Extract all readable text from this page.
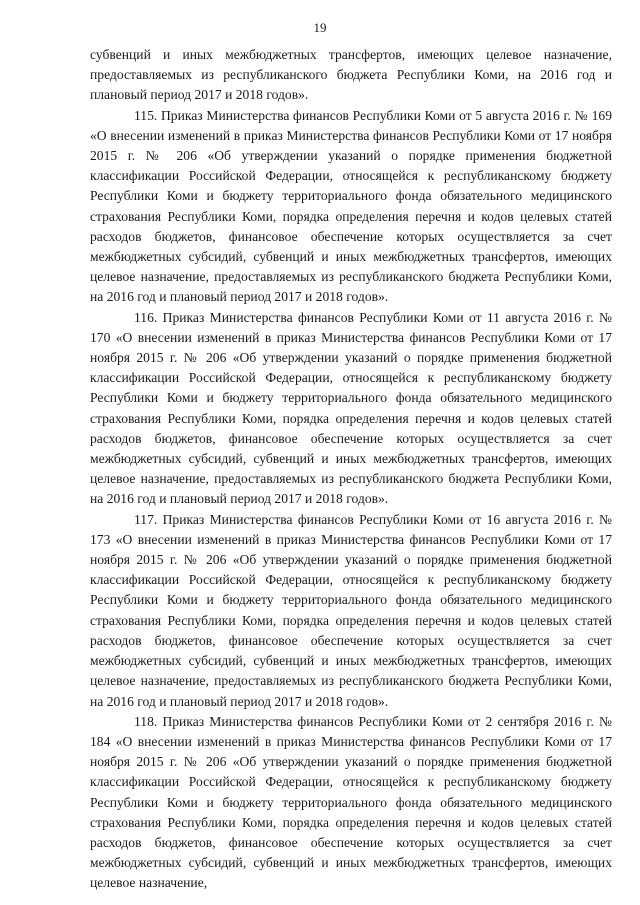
19

субвенций и иных межбюджетных трансфертов, имеющих целевое назначение, предоставляемых из республиканского бюджета Республики Коми, на 2016 год и плановый период 2017 и 2018 годов».

115. Приказ Министерства финансов Республики Коми от 5 августа 2016 г. № 169 «О внесении изменений в приказ Министерства финансов Республики Коми от 17 ноября 2015 г. № 206 «Об утверждении указаний о порядке применения бюджетной классификации Российской Федерации, относящейся к республиканскому бюджету Республики Коми и бюджету территориального фонда обязательного медицинского страхования Республики Коми, порядка определения перечня и кодов целевых статей расходов бюджетов, финансовое обеспечение которых осуществляется за счет межбюджетных субсидий, субвенций и иных межбюджетных трансфертов, имеющих целевое назначение, предоставляемых из республиканского бюджета Республики Коми, на 2016 год и плановый период 2017 и 2018 годов».

116. Приказ Министерства финансов Республики Коми от 11 августа 2016 г. № 170 «О внесении изменений в приказ Министерства финансов Республики Коми от 17 ноября 2015 г. № 206 «Об утверждении указаний о порядке применения бюджетной классификации Российской Федерации, относящейся к республиканскому бюджету Республики Коми и бюджету территориального фонда обязательного медицинского страхования Республики Коми, порядка определения перечня и кодов целевых статей расходов бюджетов, финансовое обеспечение которых осуществляется за счет межбюджетных субсидий, субвенций и иных межбюджетных трансфертов, имеющих целевое назначение, предоставляемых из республиканского бюджета Республики Коми, на 2016 год и плановый период 2017 и 2018 годов».

117. Приказ Министерства финансов Республики Коми от 16 августа 2016 г. № 173 «О внесении изменений в приказ Министерства финансов Республики Коми от 17 ноября 2015 г. № 206 «Об утверждении указаний о порядке применения бюджетной классификации Российской Федерации, относящейся к республиканскому бюджету Республики Коми и бюджету территориального фонда обязательного медицинского страхования Республики Коми, порядка определения перечня и кодов целевых статей расходов бюджетов, финансовое обеспечение которых осуществляется за счет межбюджетных субсидий, субвенций и иных межбюджетных трансфертов, имеющих целевое назначение, предоставляемых из республиканского бюджета Республики Коми, на 2016 год и плановый период 2017 и 2018 годов».

118. Приказ Министерства финансов Республики Коми от 2 сентября 2016 г. № 184 «О внесении изменений в приказ Министерства финансов Республики Коми от 17 ноября 2015 г. № 206 «Об утверждении указаний о порядке применения бюджетной классификации Российской Федерации, относящейся к республиканскому бюджету Республики Коми и бюджету территориального фонда обязательного медицинского страхования Республики Коми, порядка определения перечня и кодов целевых статей расходов бюджетов, финансовое обеспечение которых осуществляется за счет межбюджетных субсидий, субвенций и иных межбюджетных трансфертов, имеющих целевое назначение,
